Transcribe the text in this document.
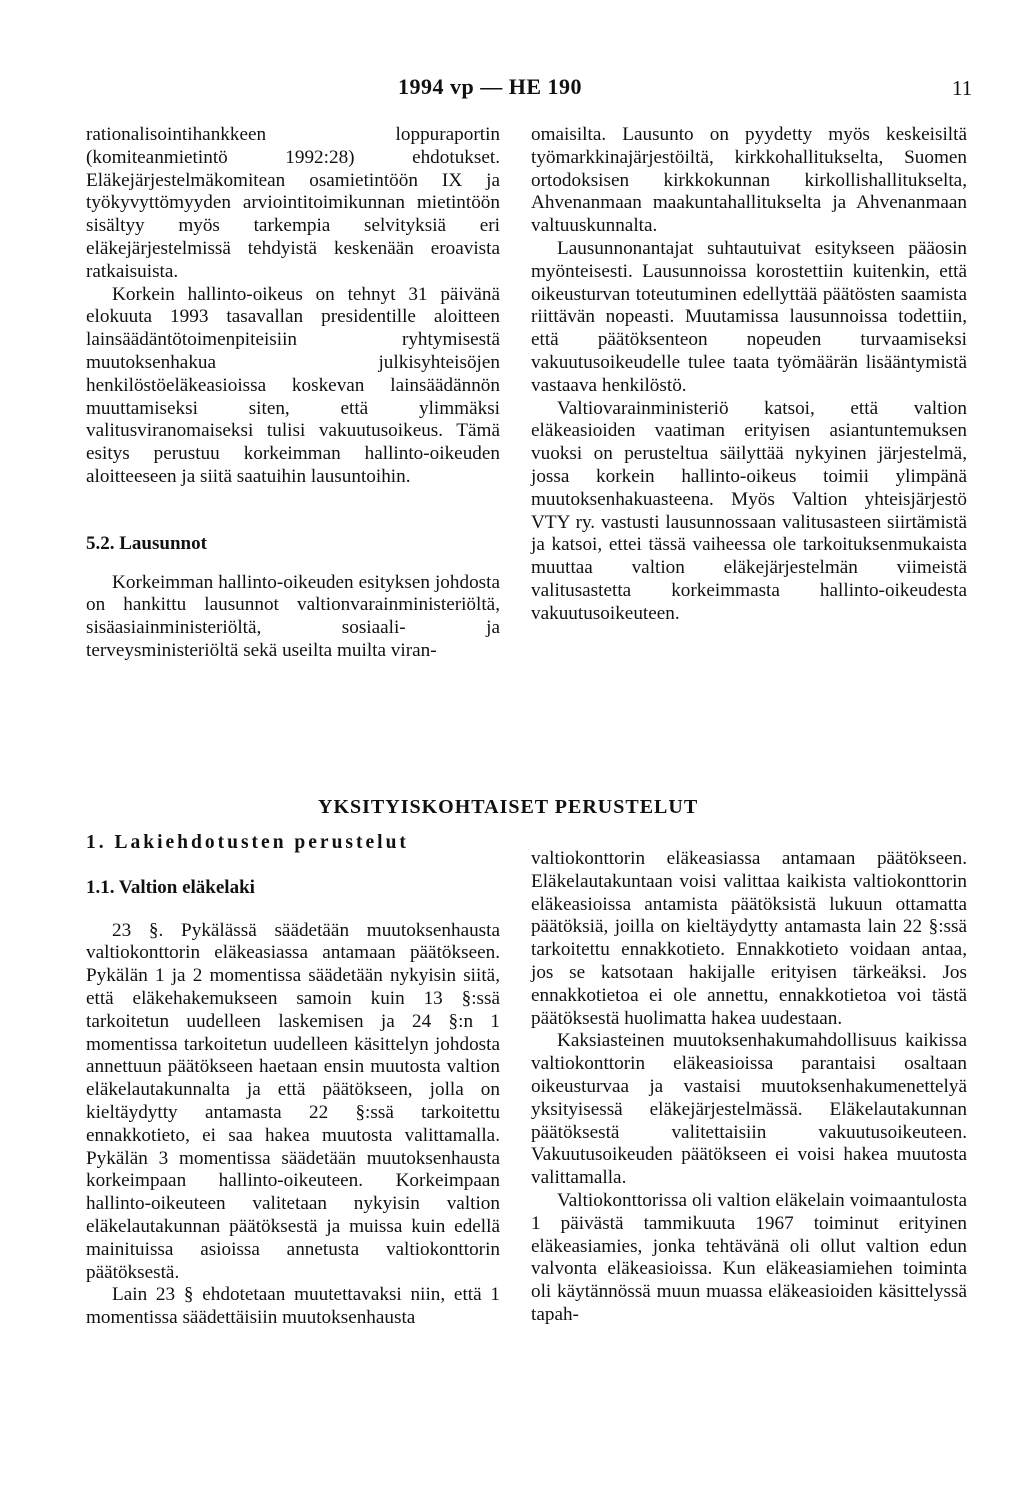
1994 vp — HE 190	11

rationalisointihankkeen loppuraportin (komiteanmietintö 1992:28) ehdotukset. Eläkejärjestelmäkomitean osamietintöön IX ja työkyvyttömyyden arviointitoimikunnan mietintöön sisältyy myös tarkempia selvityksiä eri eläkejärjestelmissä tehdyistä keskenään eroavista ratkaisuista.

Korkein hallinto-oikeus on tehnyt 31 päivänä elokuuta 1993 tasavallan presidentille aloitteen lainsäädäntötoimenpiteisiin ryhtymisestä muutoksenhakua julkisyhteisöjen henkilöstöeläkeasioissa koskevan lainsäädännön muuttamiseksi siten, että ylimmäksi valitusviranomaiseksi tulisi vakuutusoikeus. Tämä esitys perustuu korkeimman hallinto-oikeuden aloitteeseen ja siitä saatuihin lausuntoihin.

5.2. Lausunnot

Korkeimman hallinto-oikeuden esityksen johdosta on hankittu lausunnot valtionvarainministeriöltä, sisäasiainministeriöltä, sosiaali- ja terveysministeriöltä sekä useilta muilta viran-

omaisilta. Lausunto on pyydetty myös keskeisiltä työmarkkinajärjestöiltä, kirkkohallitukselta, Suomen ortodoksisen kirkkokunnan kirkollishallitukselta, Ahvenanmaan maakuntahallitukselta ja Ahvenanmaan valtuuskunnalta.

Lausunnonantajat suhtautuivat esitykseen pääosin myönteisesti. Lausunnoissa korostettiin kuitenkin, että oikeusturvan toteutuminen edellyttää päätösten saamista riittävän nopeasti. Muutamissa lausunnoissa todettiin, että päätöksenteon nopeuden turvaamiseksi vakuutusoikeudelle tulee taata työmäärän lisääntymistä vastaava henkilöstö.

Valtiovarainministeriö katsoi, että valtion eläkeasioiden vaatiman erityisen asiantuntemuksen vuoksi on perusteltua säilyttää nykyinen järjestelmä, jossa korkein hallinto-oikeus toimii ylimpänä muutoksenhakuasteena. Myös Valtion yhteisjärjestö VTY ry. vastusti lausunnossaan valitusasteen siirtämistä ja katsoi, ettei tässä vaiheessa ole tarkoituksenmukaista muuttaa valtion eläkejärjestelmän viimeistä valitusastetta korkeimmasta hallinto-oikeudesta vakuutusoikeuteen.

YKSITYISKOHTAISET PERUSTELUT
1. Lakiehdotusten perustelut
1.1. Valtion eläkelaki

23 §. Pykälässä säädetään muutoksenhausta valtiokonttorin eläkeasiassa antamaan päätökseen. Pykälän 1 ja 2 momentissa säädetään nykyisin siitä, että eläkehakemukseen samoin kuin 13 §:ssä tarkoitetun uudelleen laskemisen ja 24 §:n 1 momentissa tarkoitetun uudelleen käsittelyn johdosta annettuun päätökseen haetaan ensin muutosta valtion eläkelautakunnalta ja että päätökseen, jolla on kieltäydytty antamasta 22 §:ssä tarkoitettu ennakkotieto, ei saa hakea muutosta valittamalla. Pykälän 3 momentissa säädetään muutoksenhausta korkeimpaan hallinto-oikeuteen. Korkeimpaan hallinto-oikeuteen valitetaan nykyisin valtion eläkelautakunnan päätöksestä ja muissa kuin edellä mainituissa asioissa annetusta valtiokonttorin päätöksestä.

Lain 23 § ehdotetaan muutettavaksi niin, että 1 momentissa säädettäisiin muutoksenhausta

valtiokonttorin eläkeasiassa antamaan päätökseen. Eläkelautakuntaan voisi valittaa kaikista valtiokonttorin eläkeasioissa antamista päätöksistä lukuun ottamatta päätöksiä, joilla on kieltäydytty antamasta lain 22 §:ssä tarkoitettu ennakkotieto. Ennakkotieto voidaan antaa, jos se katsotaan hakijalle erityisen tärkeäksi. Jos ennakkotietoa ei ole annettu, ennakkotietoa voi tästä päätöksestä huolimatta hakea uudestaan.

Kaksiasteinen muutoksenhakumahdollisuus kaikissa valtiokonttorin eläkeasioissa parantaisi osaltaan oikeusturvaa ja vastaisi muutoksenhakumenettelyä yksityisessä eläkejärjestelmässä. Eläkelautakunnan päätöksestä valitettaisiin vakuutusoikeuteen. Vakuutusoikeuden päätökseen ei voisi hakea muutosta valittamalla.

Valtiokonttorissa oli valtion eläkelain voimaantulosta 1 päivästä tammikuuta 1967 toiminut erityinen eläkeasiamies, jonka tehtävänä oli ollut valtion edun valvonta eläkeasioissa. Kun eläkeasiamiehen toiminta oli käytännössä muun muassa eläkeasioiden käsittelyssä tapah-
